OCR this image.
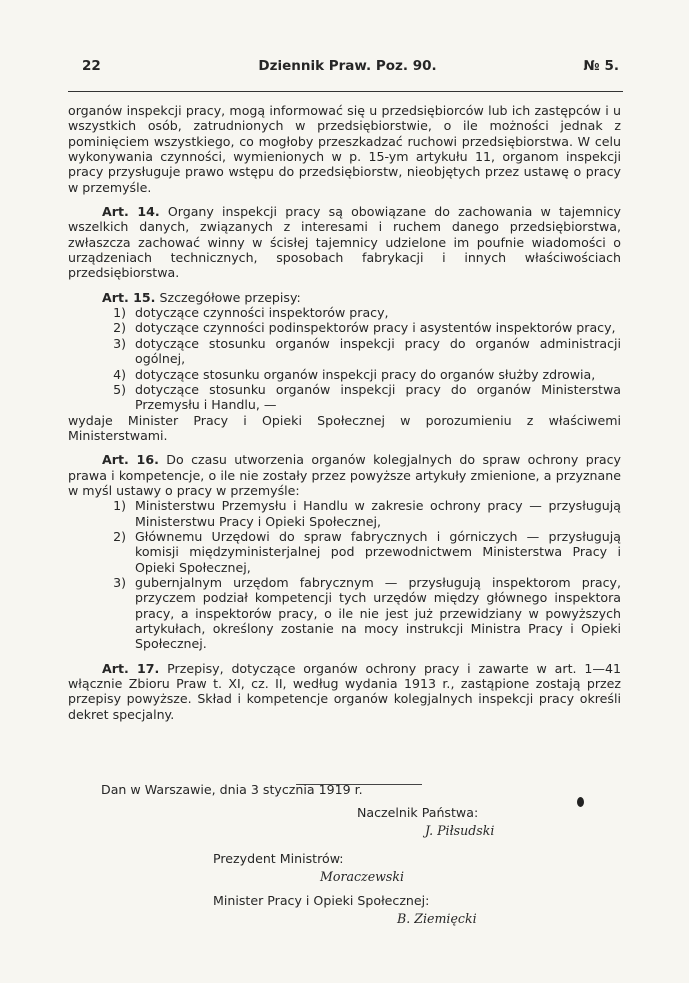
22	Dziennik Praw. Poz. 90.	№ 5.

organów inspekcji pracy, mogą informować się u przedsiębiorców lub ich zastępców i u wszystkich osób, zatrudnionych w przedsiębiorstwie, o ile możności jednak z pominięciem wszystkiego, co mogłoby przeszkadzać ruchowi przedsiębiorstwa. W celu wykonywania czynności, wymienionych w p. 15-ym artykułu 11, organom inspekcji pracy przysługuje prawo wstępu do przedsiębiorstw, nieobjętych przez ustawę o pracy w przemyśle.

Art. 14. Organy inspekcji pracy są obowiązane do zachowania w tajemnicy wszelkich danych, związanych z interesami i ruchem danego przedsiębiorstwa, zwłaszcza zachować winny w ścisłej tajemnicy udzielone im poufnie wiadomości o urządzeniach technicznych, sposobach fabrykacji i innych właściwościach przedsiębiorstwa.

Art. 15. Szczegółowe przepisy:

1) dotyczące czynności inspektorów pracy,
2) dotyczące czynności podinspektorów pracy i asystentów inspektorów pracy,
3) dotyczące stosunku organów inspekcji pracy do organów administracji ogólnej,
4) dotyczące stosunku organów inspekcji pracy do organów służby zdrowia,
5) dotyczące stosunku organów inspekcji pracy do organów Ministerstwa Przemysłu i Handlu, —

wydaje Minister Pracy i Opieki Społecznej w porozumieniu z właściwemi Ministerstwami.

Art. 16. Do czasu utworzenia organów kolegjalnych do spraw ochrony pracy prawa i kompetencje, o ile nie zostały przez powyższe artykuły zmienione, a przyznane w myśl ustawy o pracy w przemyśle:

1) Ministerstwu Przemysłu i Handlu w zakresie ochrony pracy — przysługują Ministerstwu Pracy i Opieki Społecznej,
2) Głównemu Urzędowi do spraw fabrycznych i górniczych — przysługują komisji międzyministerjalnej pod przewodnictwem Ministerstwa Pracy i Opieki Społecznej,
3) gubernjalnym urzędom fabrycznym — przysługują inspektorom pracy, przyczem podział kompetencji tych urzędów między głównego inspektora pracy, a inspektorów pracy, o ile nie jest już przewidziany w powyższych artykułach, określony zostanie na mocy instrukcji Ministra Pracy i Opieki Społecznej.

Art. 17. Przepisy, dotyczące organów ochrony pracy i zawarte w art. 1—41 włącznie Zbioru Praw t. XI, cz. II, według wydania 1913 r., zastąpione zostają przez przepisy powyższe. Skład i kompetencje organów kolegjalnych inspekcji pracy określi dekret specjalny.

Dan w Warszawie, dnia 3 stycznia 1919 r.
Naczelnik Państwa:
J. Piłsudski
Prezydent Ministrów:
Moraczewski
Minister Pracy i Opieki Społecznej:
B. Ziemięcki
